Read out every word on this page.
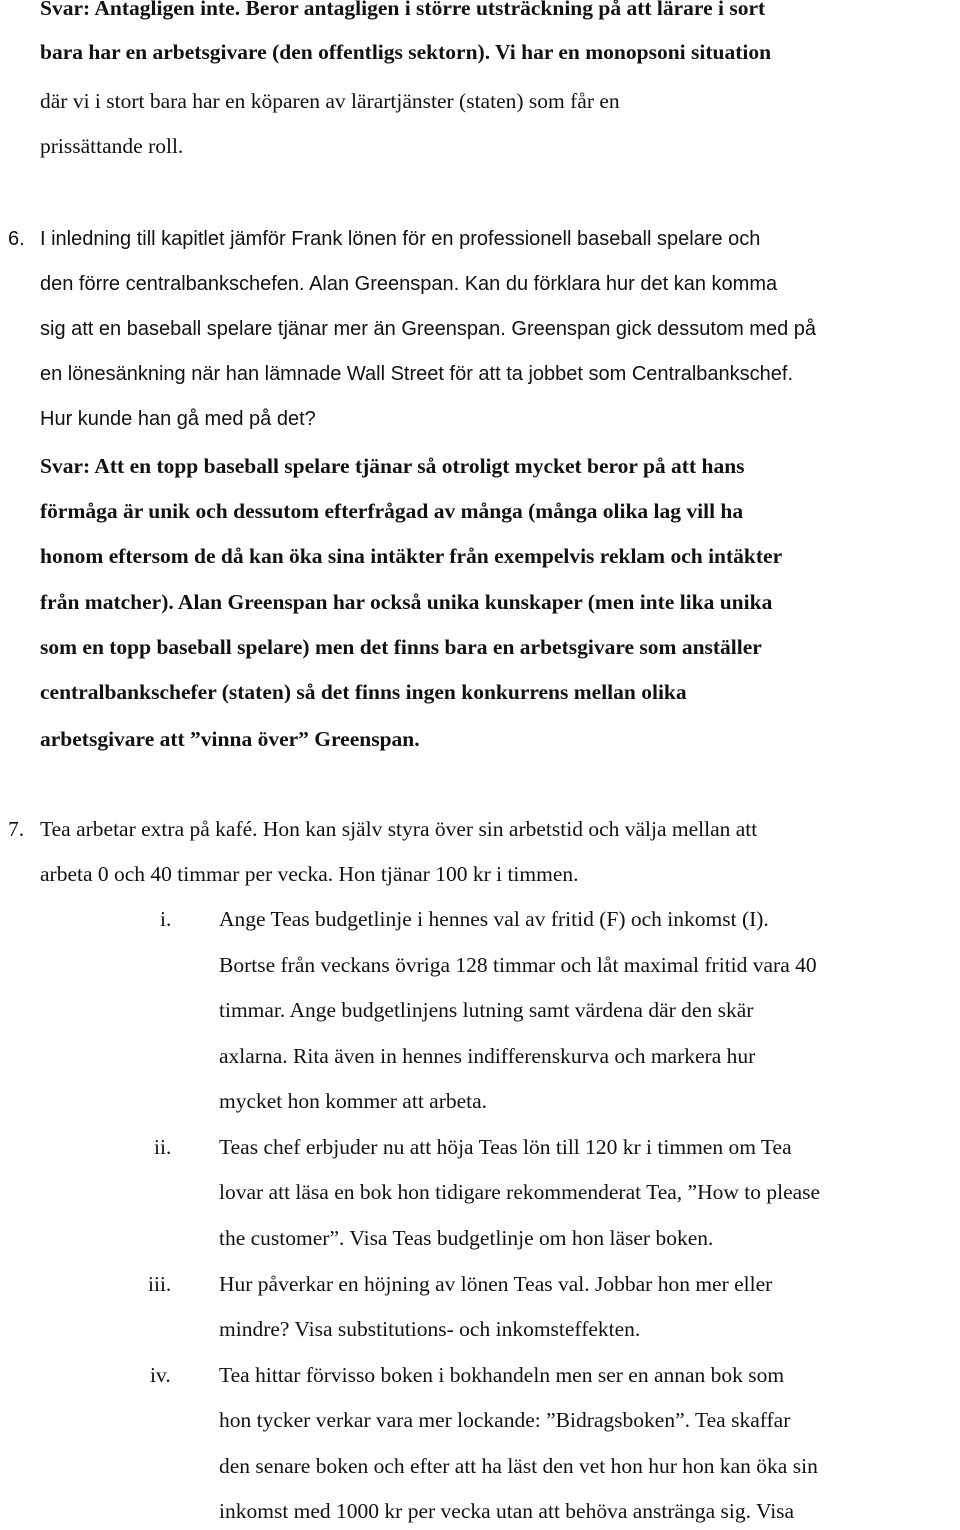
Svar: Antagligen inte. Beror antagligen i större utsträckning på att lärare i sort
bara har en arbetsgivare (den offentligs sektorn). Vi har en monopsoni situation
där vi i stort bara har en köparen av lärartjänster (staten) som får en
prissättande roll.
6. I inledning till kapitlet jämför Frank lönen för en professionell baseball spelare och
den förre centralbankschefen. Alan Greenspan. Kan du förklara hur det kan komma
sig att en baseball spelare tjänar mer än Greenspan. Greenspan gick dessutom med på
en lönesänkning när han lämnade Wall Street för att ta jobbet som Centralbankschef.
Hur kunde han gå med på det?
Svar: Att en topp baseball spelare tjänar så otroligt mycket beror på att hans
förmåga är unik och dessutom efterfrågad av många (många olika lag vill ha
honom eftersom de då kan öka sina intäkter från exempelvis reklam och intäkter
från matcher). Alan Greenspan har också unika kunskaper (men inte lika unika
som en topp baseball spelare) men det finns bara en arbetsgivare som anställer
centralbankschefer (staten) så det finns ingen konkurrens mellan olika
arbetsgivare att ”vinna över” Greenspan.
7. Tea arbetar extra på kafé. Hon kan själv styra över sin arbetstid och välja mellan att
arbeta 0 och 40 timmar per vecka. Hon tjänar 100 kr i timmen.
i. Ange Teas budgetlinje i hennes val av fritid (F) och inkomst (I).
Bortse från veckans övriga 128 timmar och låt maximal fritid vara 40
timmar. Ange budgetlinjens lutning samt värdena där den skär
axlarna. Rita även in hennes indifferenskurva och markera hur
mycket hon kommer att arbeta.
ii. Teas chef erbjuder nu att höja Teas lön till 120 kr i timmen om Tea
lovar att läsa en bok hon tidigare rekommenderat Tea, ”How to please
the customer”. Visa Teas budgetlinje om hon läser boken.
iii. Hur påverkar en höjning av lönen Teas val. Jobbar hon mer eller
mindre? Visa substitutions- och inkomsteffekten.
iv. Tea hittar förvisso boken i bokhandeln men ser en annan bok som
hon tycker verkar vara mer lockande: ”Bidragsboken”. Tea skaffar
den senare boken och efter att ha läst den vet hon hur hon kan öka sin
inkomst med 1000 kr per vecka utan att behöva anstränga sig. Visa
